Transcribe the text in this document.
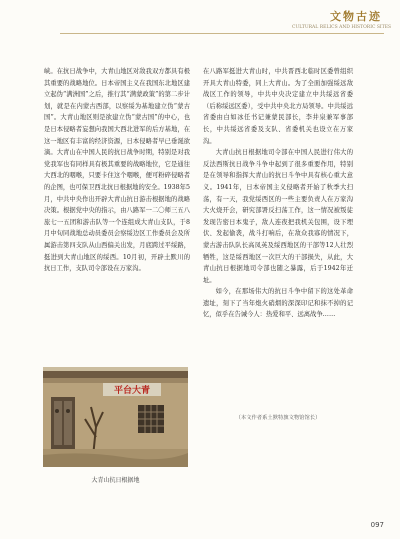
文物古迹
CULTURAL RELICS AND HISTORIC SITES

峡。在抗日战争中，大青山地区对敌我双方都具有极其重要的战略地位。日本帝国主义在我国东北地区建立起伪“满洲国”之后，推行其“满蒙政策”的第二步计划，就是在内蒙古西部，以察绥为基地建立伪“蒙古国”。大青山地区则是欲建立伪“蒙古国”的中心，也是日本侵略者妄想向我国大西北进军的后方基地，在这一地区有丰富的经济资源，日本侵略者早已垂涎欲滴。大青山在中国人民的抗日战争时期，特别是对我党我军也有同样具有极其重要的战略地位，它是通往大西北的咽喉，只要卡住这个咽喉，便可粉碎侵略者的企图，也可保卫西北抗日根据地的安全。1938年5月，中共中央作出开辟大青山抗日游击根据地的战略决策。根据党中央的指示，由八路军一二〇师三五八旅七一五团和游击队等一个连组成大青山支队，于8月中旬同战地总动员委员会察绥边区工作委员会及所属游击第四支队从山西偏关出发，月底跨过平绥路，挺进到大青山地区的绥西。10月初，开辟土默川的抗日工作，支队司令部设在万家沟。

在八路军挺进大青山时，中共晋西北临时区委曾组织开具大青山特委，同上大青山。为了全面加强绥远敌战区工作的领导，中共中央决定建立中共绥远省委（后称绥远区委），受中共中央北方局领导。中共绥远省委由白如冰任书记兼蒙民部长，李井泉兼军事部长，中共绥远省委及支队、省委机关也设立在万家沟。

大青山抗日根据地司令部在中国人民进行伟大的反法西斯抗日战争斗争中起到了很多重要作用，特别是在领导和指挥大青山的抗日斗争中具有核心重大意义。1941年，日本帝国主义侵略者开始了秋季大扫荡，有一天，我党绥西区的一些主要负责人在万家沟大火烧开会，研究部署反扫荡工作，这一情况被叛徒发现告密日本鬼子，敌人连夜把我机关包围，设下埋伏、发起偷袭，战斗打响后，在敌众我寡的情况下，蒙古游击队队长高凤英及绥西地区的干部等12人壮烈牺牲，这是绥西地区一次巨大的干部损失，从此，大青山抗日根据地司令部也随之暴露，后于1942年迁址。

如今，在那场伟大的抗日斗争中留下的这处革命遗址，刻下了当年炮火硝烟的深深印记和抹不掉的记忆，似乎在告诫今人：热爱和平、远离战争……

（本文作者系土默特旗文物馆馆长）
平台大青
大青山抗日根据地
097
